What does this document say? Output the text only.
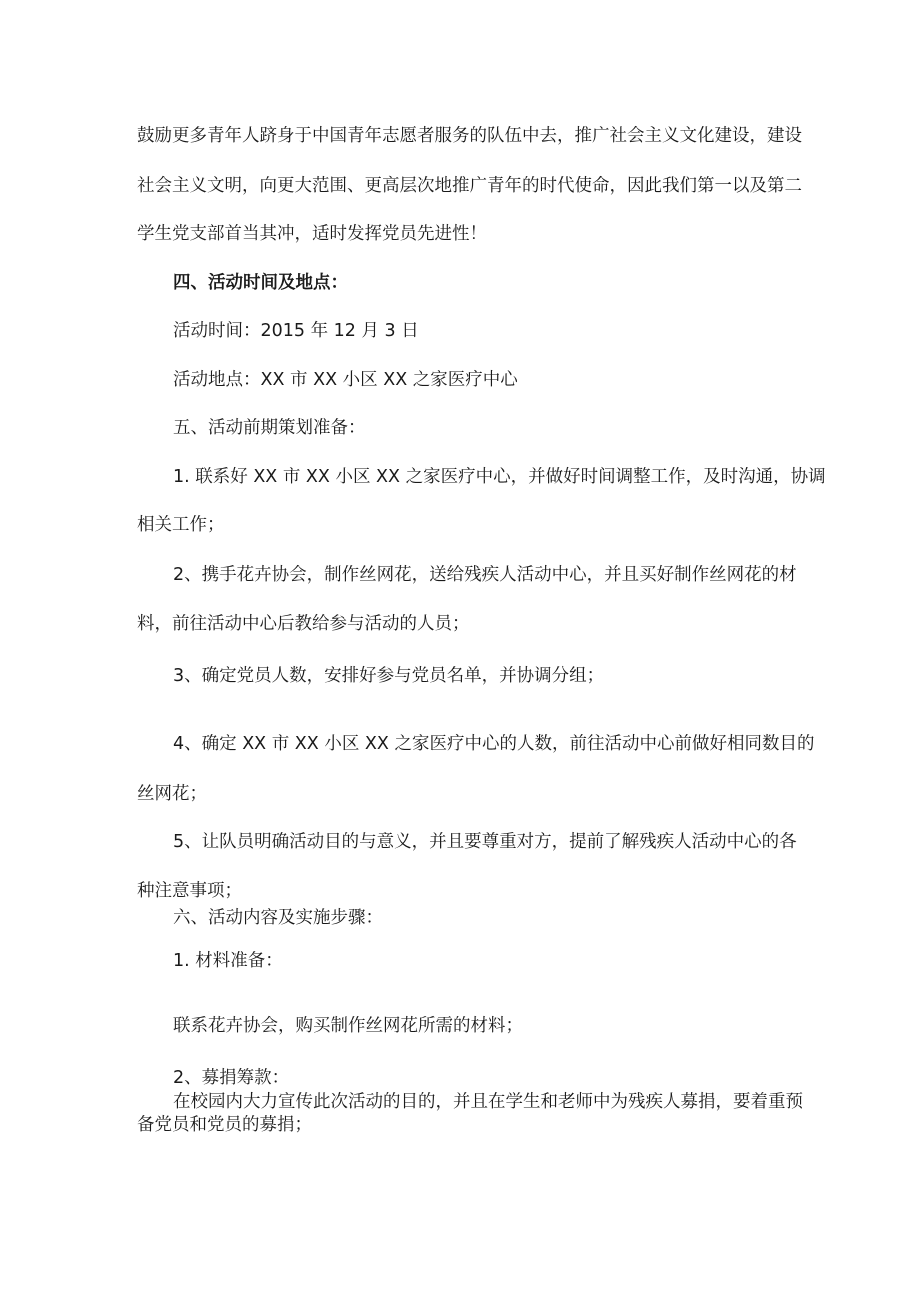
鼓励更多青年人跻身于中国青年志愿者服务的队伍中去，推广社会主义文化建设，建设

社会主义文明，向更大范围、更高层次地推广青年的时代使命，因此我们第一以及第二

学生党支部首当其冲，适时发挥党员先进性！

四、活动时间及地点：

活动时间：2015 年 12 月 3 日

活动地点：XX 市 XX 小区 XX 之家医疗中心

五、活动前期策划准备：

1. 联系好 XX 市 XX 小区 XX 之家医疗中心，并做好时间调整工作，及时沟通，协调

相关工作；

2、携手花卉协会，制作丝网花，送给残疾人活动中心，并且买好制作丝网花的材

料，前往活动中心后教给参与活动的人员；

3、确定党员人数，安排好参与党员名单，并协调分组；

4、确定 XX 市 XX 小区 XX 之家医疗中心的人数，前往活动中心前做好相同数目的

丝网花；

5、让队员明确活动目的与意义，并且要尊重对方，提前了解残疾人活动中心的各

种注意事项；

六、活动内容及实施步骤：

1. 材料准备：

联系花卉协会，购买制作丝网花所需的材料；

2、募捐筹款：

在校园内大力宣传此次活动的目的，并且在学生和老师中为残疾人募捐，要着重预

备党员和党员的募捐；
